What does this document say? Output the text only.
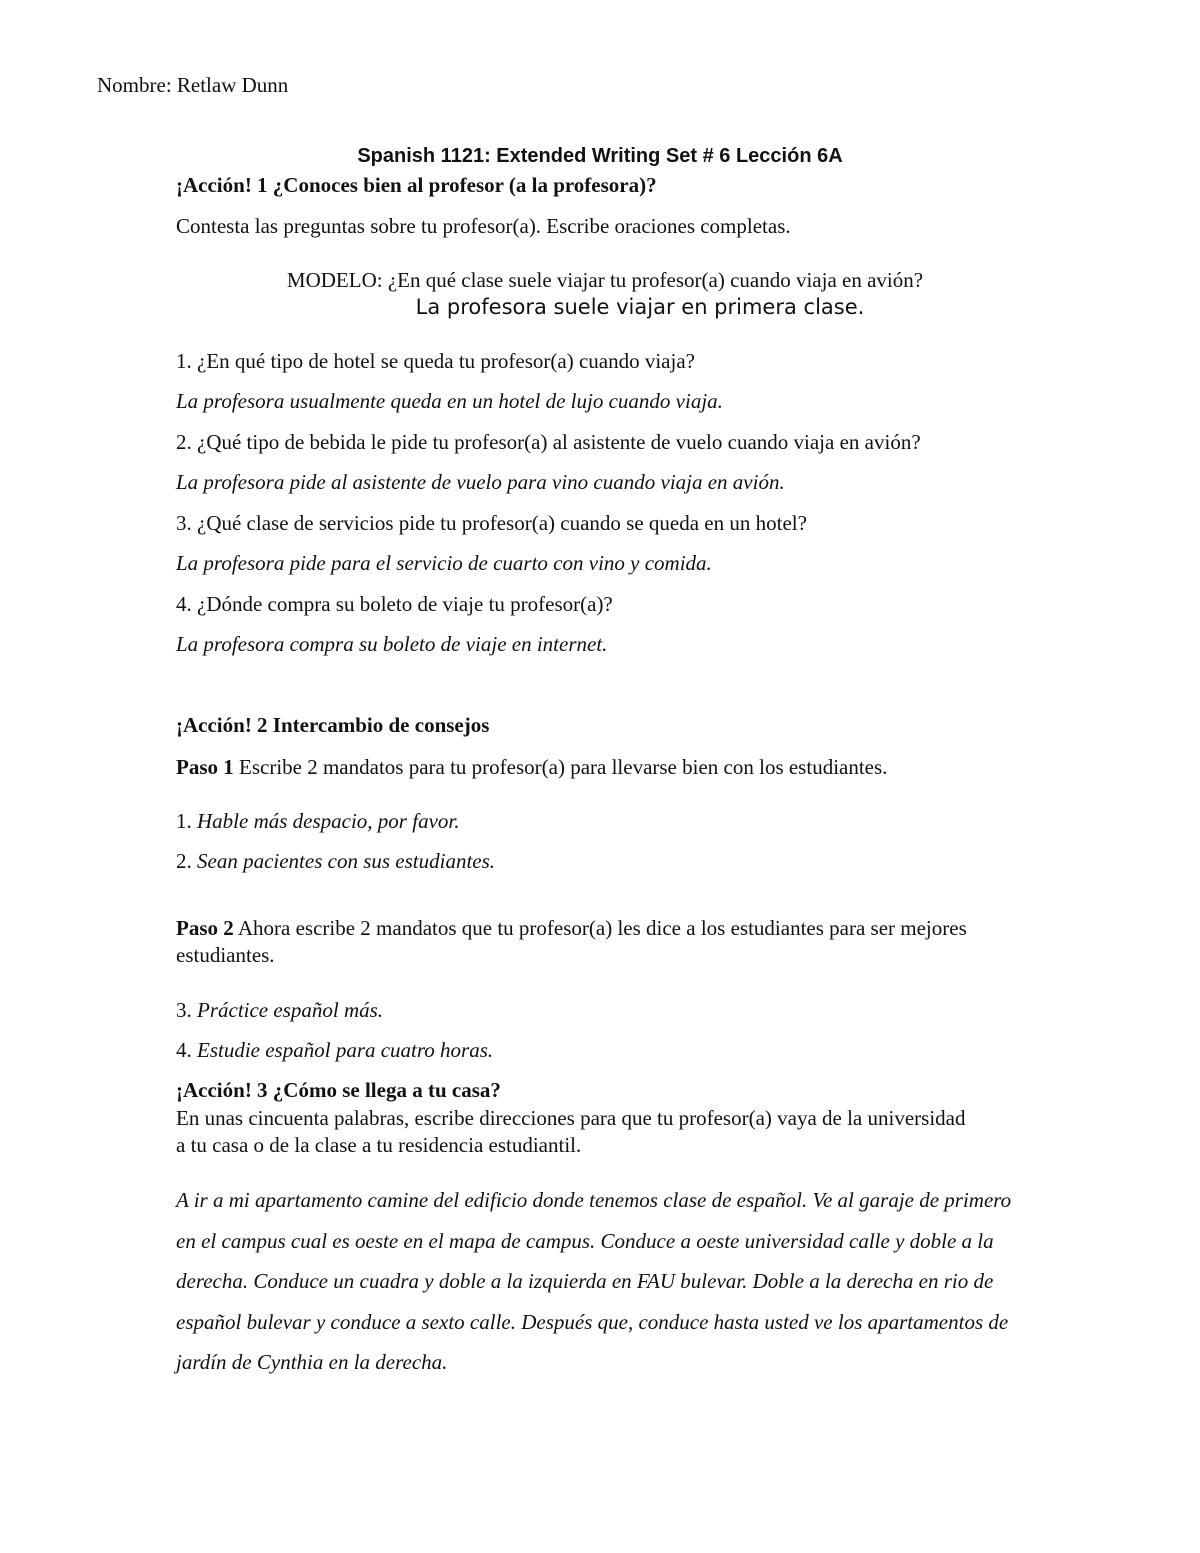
Nombre: Retlaw Dunn
Spanish 1121: Extended Writing Set # 6 Lección 6A
¡Acción! 1 ¿Conoces bien al profesor (a la profesora)?
Contesta las preguntas sobre tu profesor(a). Escribe oraciones completas.
MODELO: ¿En qué clase suele viajar tu profesor(a) cuando viaja en avión?
La profesora suele viajar en primera clase.
1. ¿En qué tipo de hotel se queda tu profesor(a) cuando viaja?
La profesora usualmente queda en un hotel de lujo cuando viaja.
2. ¿Qué tipo de bebida le pide tu profesor(a) al asistente de vuelo cuando viaja en avión?
La profesora pide al asistente de vuelo para vino cuando viaja en avión.
3. ¿Qué clase de servicios pide tu profesor(a) cuando se queda en un hotel?
La profesora pide para el servicio de cuarto con vino y comida.
4. ¿Dónde compra su boleto de viaje tu profesor(a)?
La profesora compra su boleto de viaje en internet.
¡Acción! 2 Intercambio de consejos
Paso 1 Escribe 2 mandatos para tu profesor(a) para llevarse bien con los estudiantes.
1. Hable más despacio, por favor.
2. Sean pacientes con sus estudiantes.
Paso 2 Ahora escribe 2 mandatos que tu profesor(a) les dice a los estudiantes para ser mejores estudiantes.
3. Práctice español más.
4. Estudie español para cuatro horas.
¡Acción! 3 ¿Cómo se llega a tu casa?
En unas cincuenta palabras, escribe direcciones para que tu profesor(a) vaya de la universidad a tu casa o de la clase a tu residencia estudiantil.
A ir a mi apartamento camine del edificio donde tenemos clase de español. Ve al garaje de primero en el campus cual es oeste en el mapa de campus. Conduce a oeste universidad calle y doble a la derecha. Conduce un cuadra y doble a la izquierda en FAU bulevar. Doble a la derecha en rio de español bulevar y conduce a sexto calle. Después que, conduce hasta usted ve los apartamentos de jardín de Cynthia en la derecha.
